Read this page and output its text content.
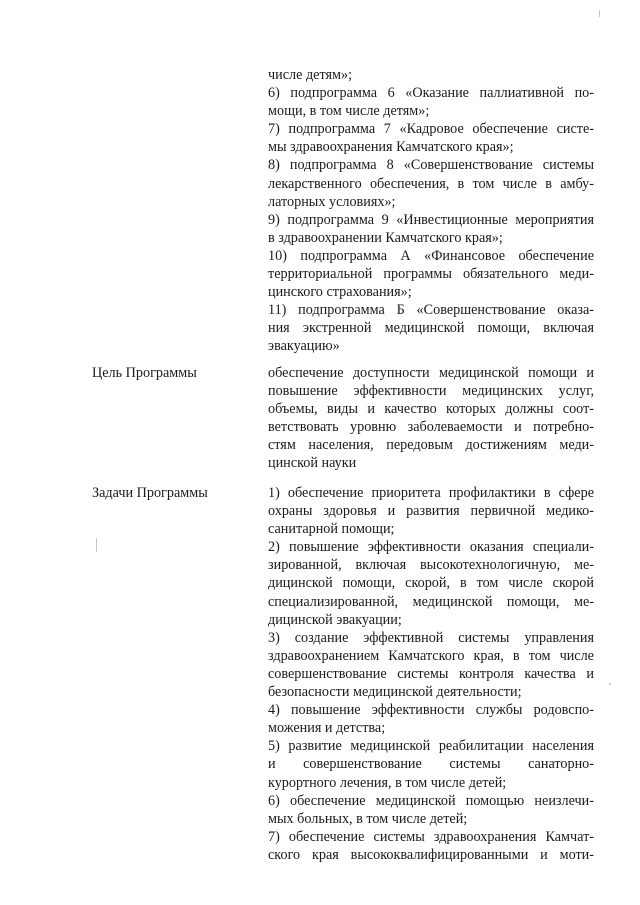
числе детям»;
6) подпрограмма 6 «Оказание паллиативной по-
мощи, в том числе детям»;
7) подпрограмма 7 «Кадровое обеспечение систе-
мы здравоохранения Камчатского края»;
8) подпрограмма 8 «Совершенствование системы
лекарственного обеспечения, в том числе в амбу-
латорных условиях»;
9) подпрограмма 9 «Инвестиционные мероприятия
в здравоохранении Камчатского края»;
10) подпрограмма А «Финансовое обеспечение
территориальной программы обязательного меди-
цинского страхования»;
11) подпрограмма Б «Совершенствование оказа-
ния экстренной медицинской помощи, включая
эвакуацию»
Цель Программы	обеспечение доступности медицинской помощи и
повышение эффективности медицинских услуг,
объемы, виды и качество которых должны соот-
ветствовать уровню заболеваемости и потребно-
стям населения, передовым достижениям меди-
цинской науки
Задачи Программы	1) обеспечение приоритета профилактики в сфере
охраны здоровья и развития первичной медико-
санитарной помощи;
2) повышение эффективности оказания специали-
зированной, включая высокотехнологичную, ме-
дицинской помощи, скорой, в том числе скорой
специализированной, медицинской помощи, ме-
дицинской эвакуации;
3) создание эффективной системы управления
здравоохранением Камчатского края, в том числе
совершенствование системы контроля качества и
безопасности медицинской деятельности;
4) повышение эффективности службы родовспо-
можения и детства;
5) развитие медицинской реабилитации населения
и совершенствование системы санаторно-
курортного лечения, в том числе детей;
6) обеспечение медицинской помощью неизлечи-
мых больных, в том числе детей;
7) обеспечение системы здравоохранения Камчат-
ского края высококвалифицированными и моти-
